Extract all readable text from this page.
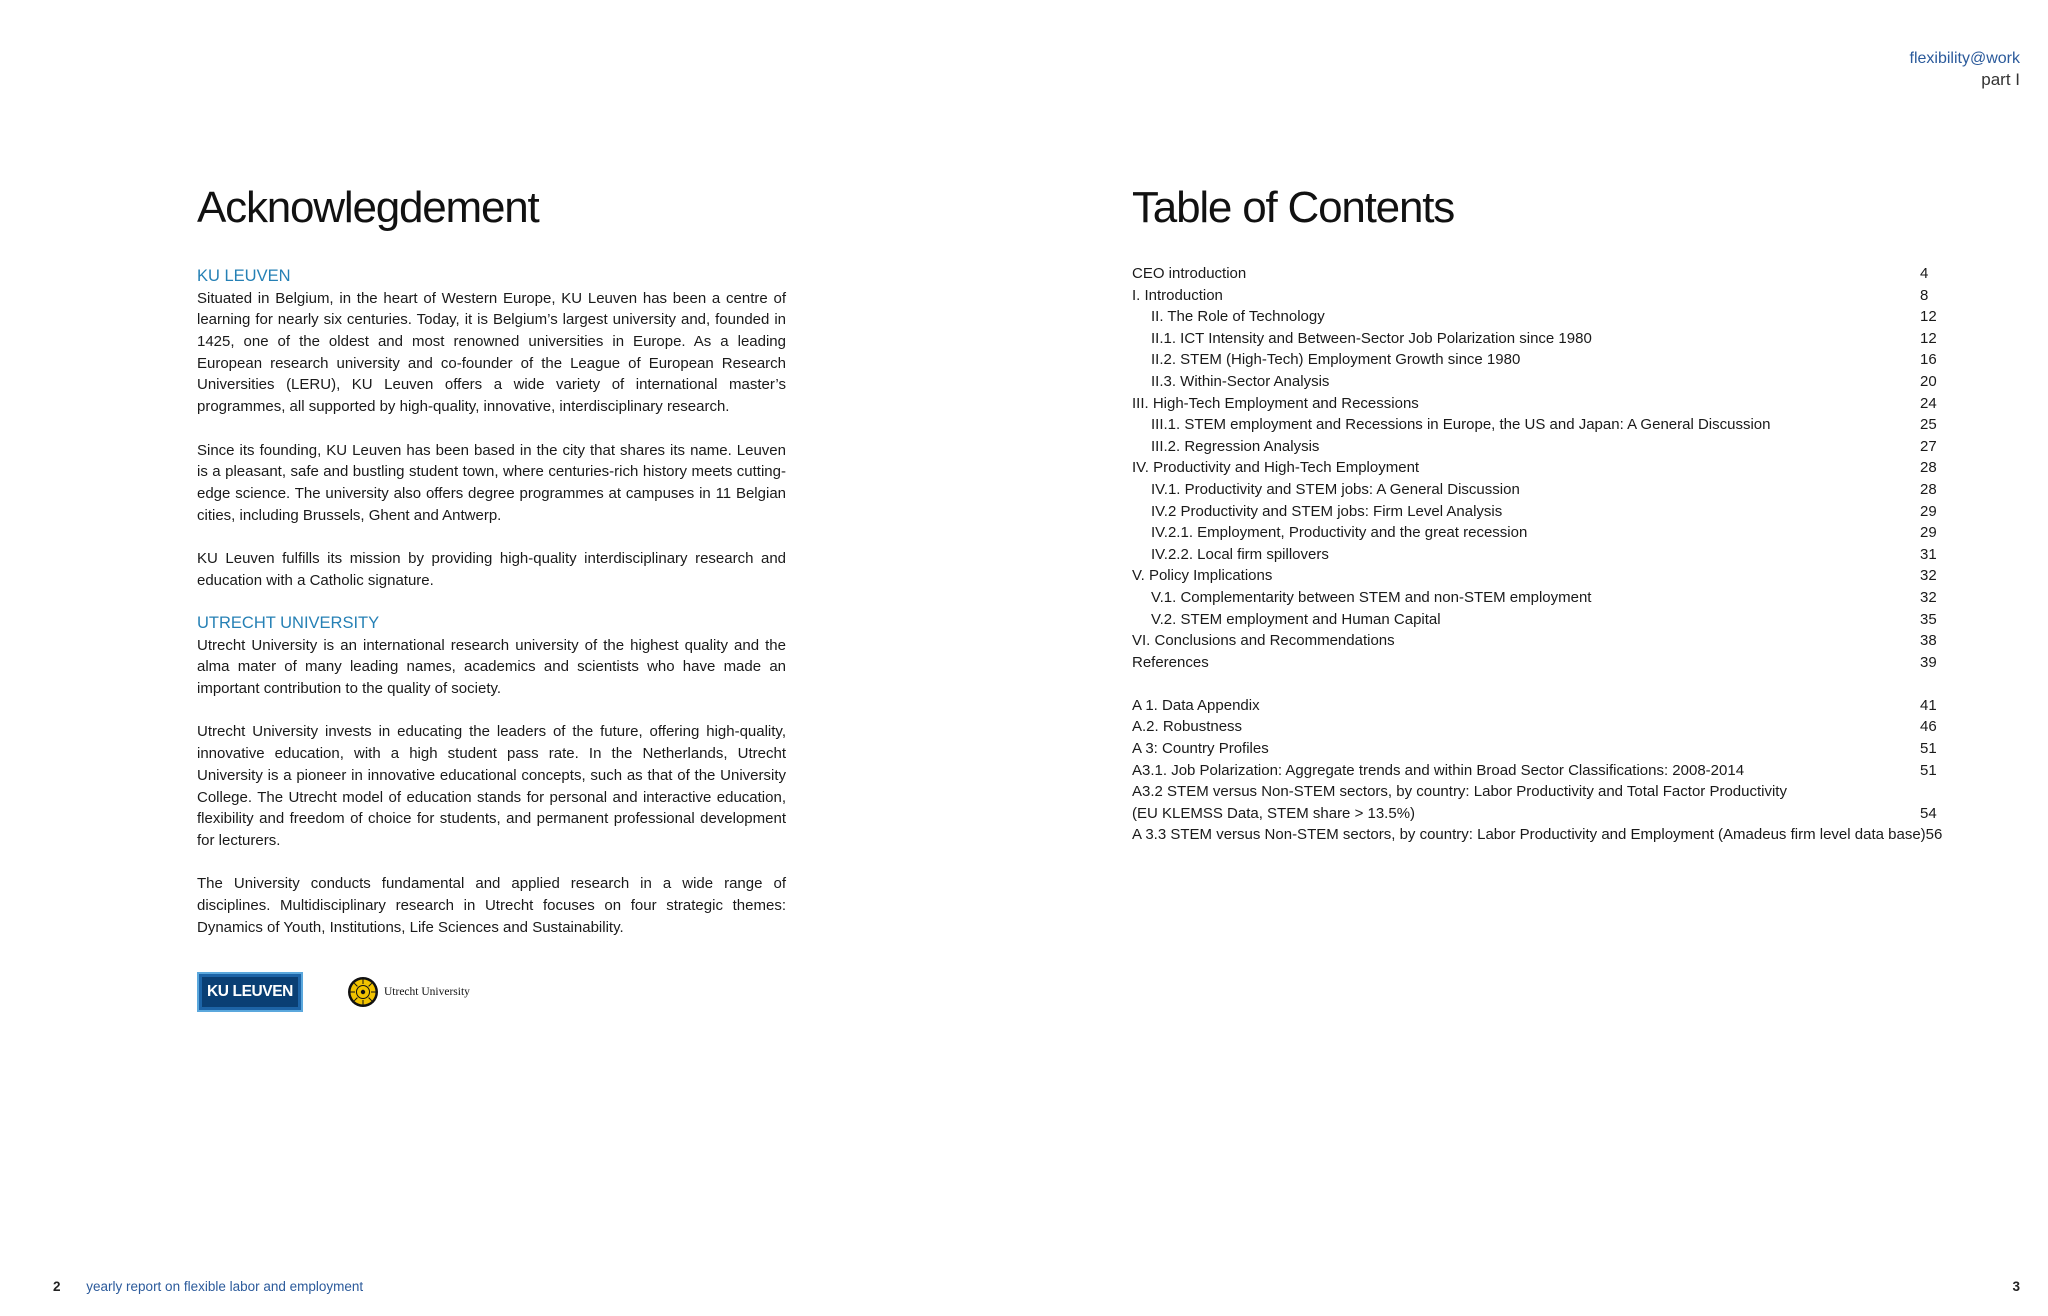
flexibility@work
part I
Acknowlegdement
KU LEUVEN

Situated in Belgium, in the heart of Western Europe, KU Leuven has been a centre of learning for nearly six centuries. Today, it is Belgium’s largest university and, founded in 1425, one of the oldest and most renowned universities in Europe. As a leading European research university and co-founder of the League of European Research Universities (LERU), KU Leuven offers a wide variety of international master’s programmes, all supported by high-quality, innovative, interdisciplinary research.

Since its founding, KU Leuven has been based in the city that shares its name. Leuven is a pleasant, safe and bustling student town, where centuries-rich history meets cutting-edge science. The university also offers degree programmes at campuses in 11 Belgian cities, including Brussels, Ghent and Antwerp.

KU Leuven fulfills its mission by providing high-quality interdisciplinary research and education with a Catholic signature.

UTRECHT UNIVERSITY

Utrecht University is an international research university of the highest quality and the alma mater of many leading names, academics and scientists who have made an important contribution to the quality of society.

Utrecht University invests in educating the leaders of the future, offering high-quality, innovative education, with a high student pass rate. In the Netherlands, Utrecht University is a pioneer in innovative educational concepts, such as that of the University College. The Utrecht model of education stands for personal and interactive education, flexibility and freedom of choice for students, and permanent professional development for lecturers.

The University conducts fundamental and applied research in a wide range of disciplines. Multidisciplinary research in Utrecht focuses on four strategic themes: Dynamics of Youth, Institutions, Life Sciences and Sustainability.

KU LEUVEN	Utrecht University
Table of Contents
CEO introduction	4
I. Introduction	8
II. The Role of Technology	12
II.1. ICT Intensity and Between-Sector Job Polarization since 1980	12
II.2. STEM (High-Tech) Employment Growth since 1980	16
II.3. Within-Sector Analysis	20
III. High-Tech Employment and Recessions	24
III.1. STEM employment and Recessions in Europe, the US and Japan: A General Discussion	25
III.2. Regression Analysis	27
IV. Productivity and High-Tech Employment	28
IV.1. Productivity and STEM jobs: A General Discussion	28
IV.2 Productivity and STEM jobs: Firm Level Analysis	29
IV.2.1. Employment, Productivity and the great recession	29
IV.2.2. Local firm spillovers	31
V. Policy Implications	32
V.1. Complementarity between STEM and non-STEM employment	32
V.2. STEM employment and Human Capital	35
VI. Conclusions and Recommendations	38
References	39
A 1. Data Appendix	41
A.2. Robustness	46
A 3: Country Profiles	51
A3.1. Job Polarization: Aggregate trends and within Broad Sector Classifications: 2008-2014	51
A3.2 STEM versus Non-STEM sectors, by country: Labor Productivity and Total Factor Productivity
(EU KLEMSS Data, STEM share > 13.5%)	54
A 3.3 STEM versus Non-STEM sectors, by country: Labor Productivity and Employment (Amadeus firm level data base) 56
2 yearly report on flexible labor and employment	3
